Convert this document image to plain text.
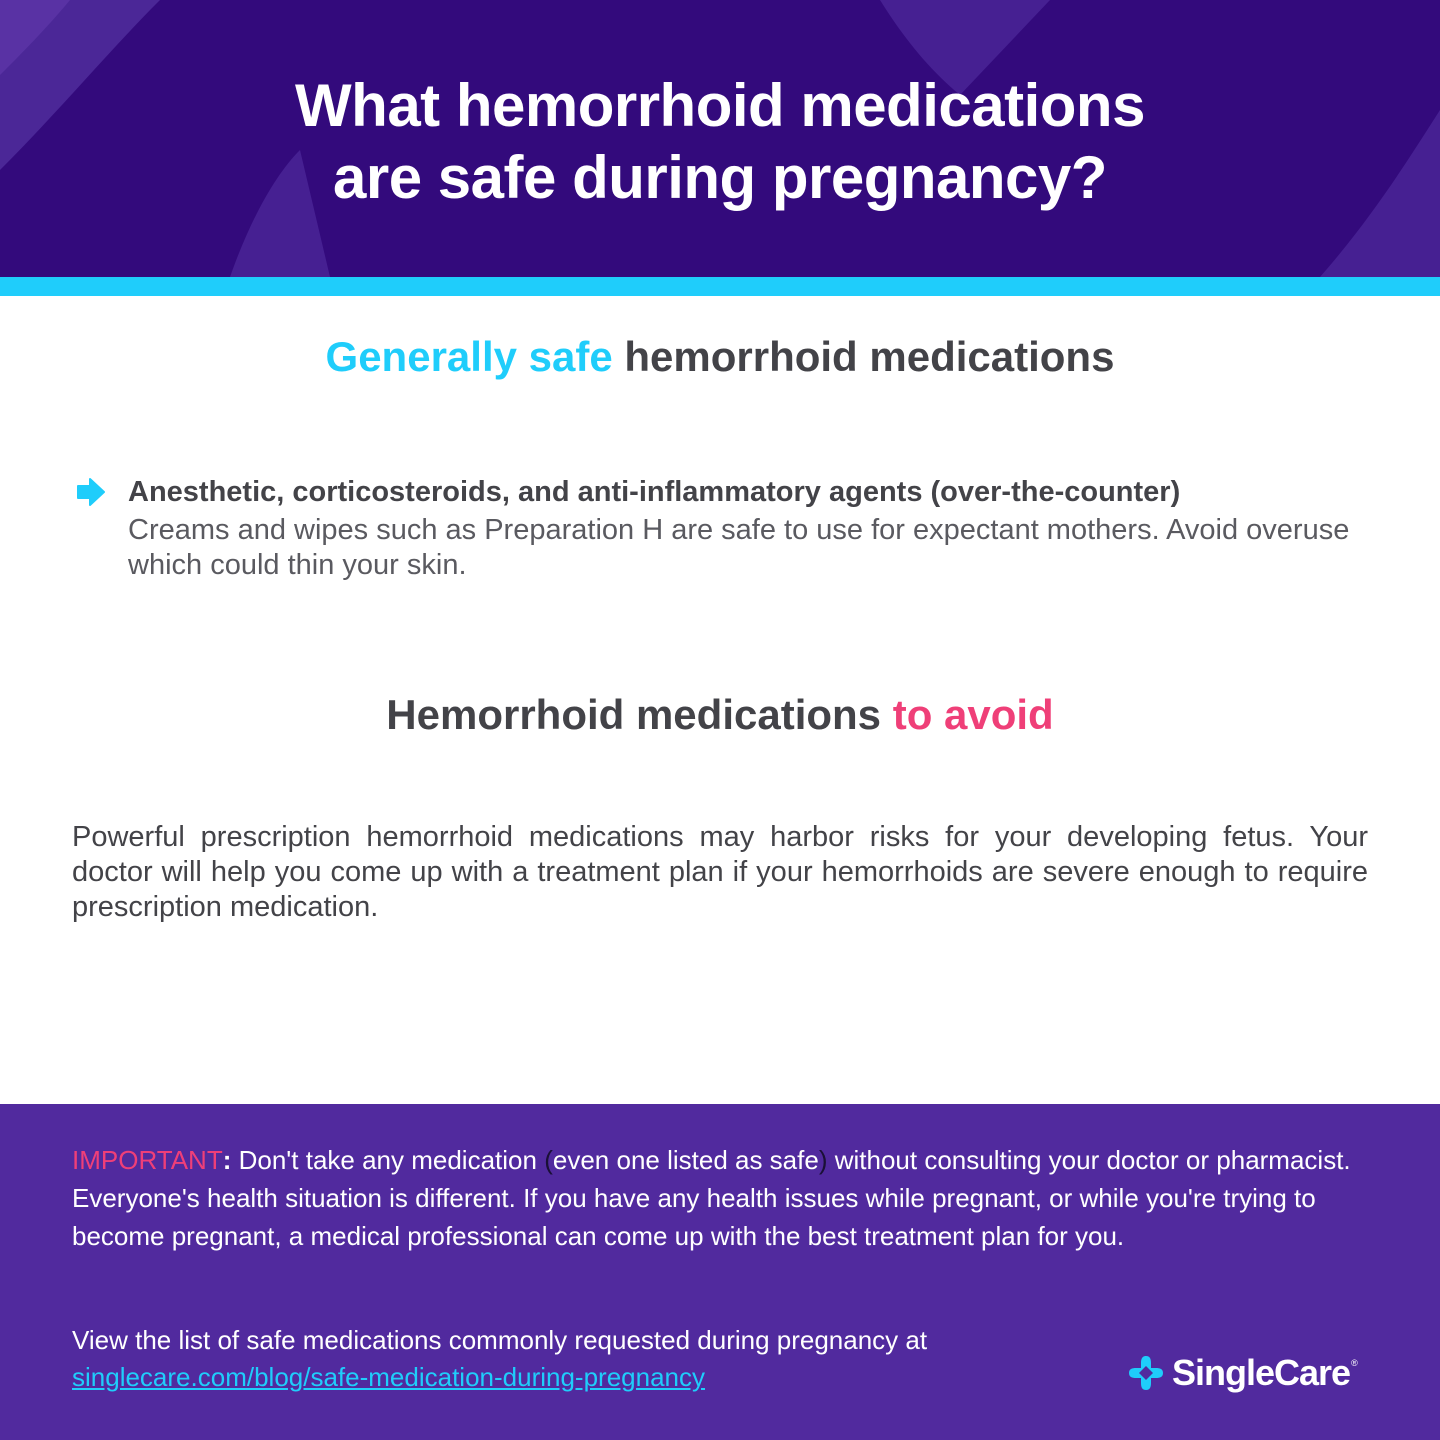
What hemorrhoid medications
are safe during pregnancy?
Generally safe hemorrhoid medications
Anesthetic, corticosteroids, and anti-inflammatory agents (over-the-counter)
Creams and wipes such as Preparation H are safe to use for expectant mothers. Avoid overuse which could thin your skin.
Hemorrhoid medications to avoid
Powerful prescription hemorrhoid medications may harbor risks for your developing fetus. Your doctor will help you come up with a treatment plan if your hemorrhoids are severe enough to require prescription medication.
IMPORTANT: Don't take any medication (even one listed as safe) without consulting your doctor or pharmacist. Everyone's health situation is different. If you have any health issues while pregnant, or while you're trying to become pregnant, a medical professional can come up with the best treatment plan for you.
View the list of safe medications commonly requested during pregnancy at singlecare.com/blog/safe-medication-during-pregnancy	SingleCare ®
